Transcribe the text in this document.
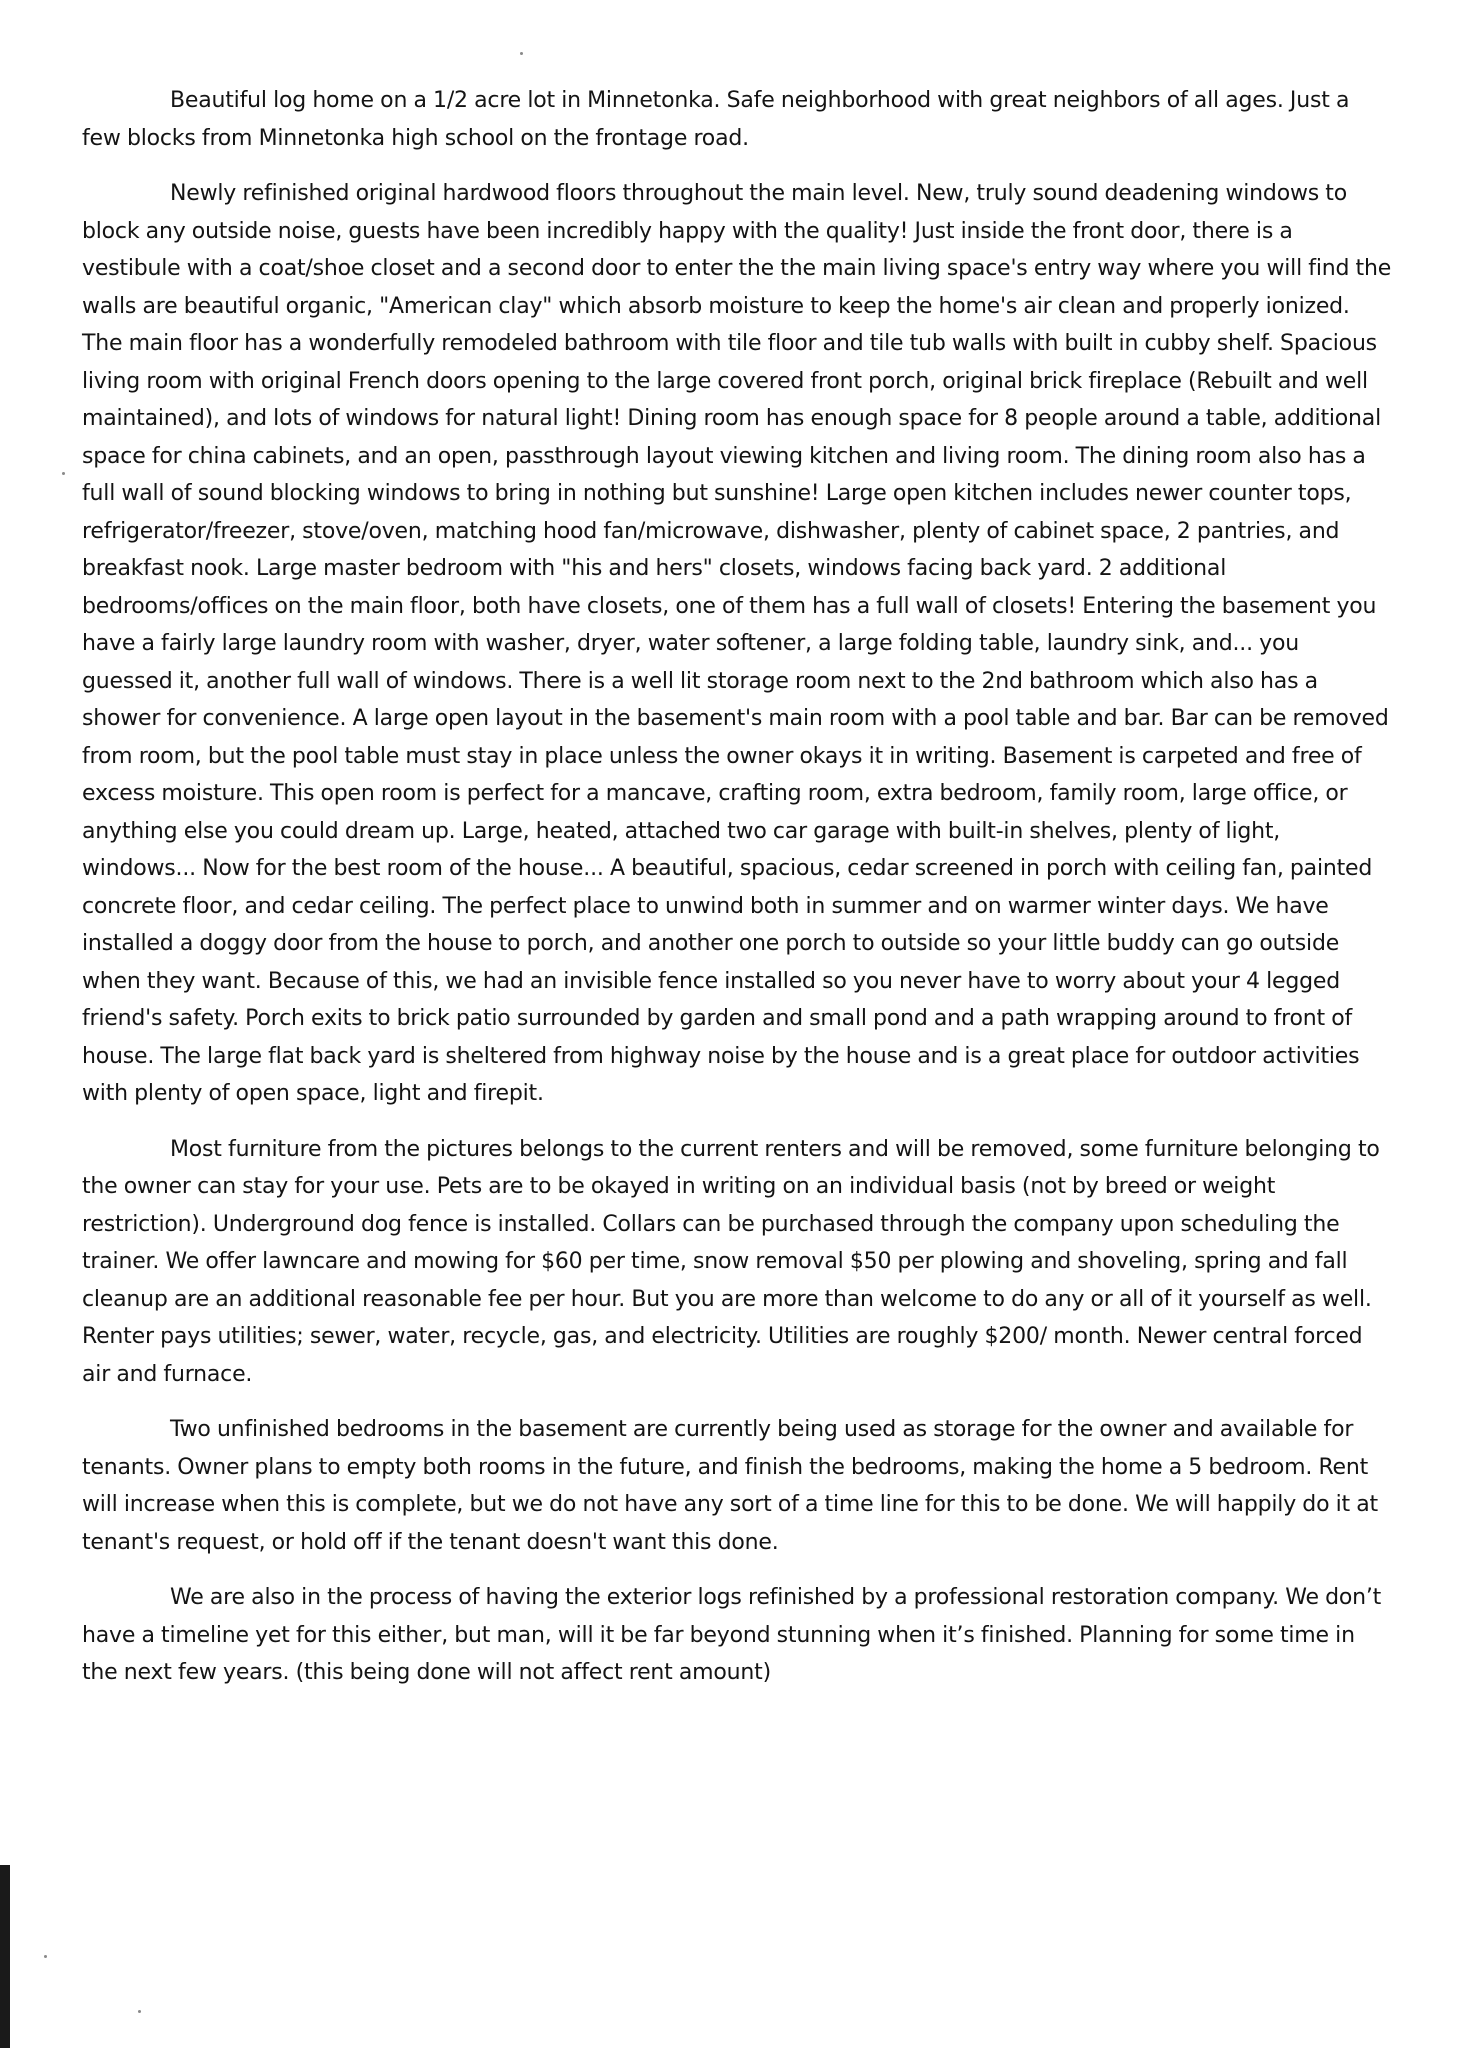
Beautiful log home on a 1/2 acre lot in Minnetonka. Safe neighborhood with great neighbors of all ages. Just a few blocks from Minnetonka high school on the frontage road.

Newly refinished original hardwood floors throughout the main level. New, truly sound deadening windows to block any outside noise, guests have been incredibly happy with the quality! Just inside the front door, there is a vestibule with a coat/shoe closet and a second door to enter the the main living space's entry way where you will find the walls are beautiful organic, "American clay" which absorb moisture to keep the home's air clean and properly ionized. The main floor has a wonderfully remodeled bathroom with tile floor and tile tub walls with built in cubby shelf. Spacious living room with original French doors opening to the large covered front porch, original brick fireplace (Rebuilt and well maintained), and lots of windows for natural light! Dining room has enough space for 8 people around a table, additional space for china cabinets, and an open, passthrough layout viewing kitchen and living room. The dining room also has a full wall of sound blocking windows to bring in nothing but sunshine! Large open kitchen includes newer counter tops, refrigerator/freezer, stove/oven, matching hood fan/microwave, dishwasher, plenty of cabinet space, 2 pantries, and breakfast nook. Large master bedroom with "his and hers" closets, windows facing back yard. 2 additional bedrooms/offices on the main floor, both have closets, one of them has a full wall of closets! Entering the basement you have a fairly large laundry room with washer, dryer, water softener, a large folding table, laundry sink, and... you guessed it, another full wall of windows. There is a well lit storage room next to the 2nd bathroom which also has a shower for convenience. A large open layout in the basement's main room with a pool table and bar. Bar can be removed from room, but the pool table must stay in place unless the owner okays it in writing. Basement is carpeted and free of excess moisture. This open room is perfect for a mancave, crafting room, extra bedroom, family room, large office, or anything else you could dream up. Large, heated, attached two car garage with built-in shelves, plenty of light, windows... Now for the best room of the house... A beautiful, spacious, cedar screened in porch with ceiling fan, painted concrete floor, and cedar ceiling. The perfect place to unwind both in summer and on warmer winter days. We have installed a doggy door from the house to porch, and another one porch to outside so your little buddy can go outside when they want. Because of this, we had an invisible fence installed so you never have to worry about your 4 legged friend's safety. Porch exits to brick patio surrounded by garden and small pond and a path wrapping around to front of house. The large flat back yard is sheltered from highway noise by the house and is a great place for outdoor activities with plenty of open space, light and firepit.

Most furniture from the pictures belongs to the current renters and will be removed, some furniture belonging to the owner can stay for your use. Pets are to be okayed in writing on an individual basis (not by breed or weight restriction). Underground dog fence is installed. Collars can be purchased through the company upon scheduling the trainer. We offer lawncare and mowing for $60 per time, snow removal $50 per plowing and shoveling, spring and fall cleanup are an additional reasonable fee per hour. But you are more than welcome to do any or all of it yourself as well. Renter pays utilities; sewer, water, recycle, gas, and electricity. Utilities are roughly $200/ month. Newer central forced air and furnace.

Two unfinished bedrooms in the basement are currently being used as storage for the owner and available for tenants. Owner plans to empty both rooms in the future, and finish the bedrooms, making the home a 5 bedroom. Rent will increase when this is complete, but we do not have any sort of a time line for this to be done. We will happily do it at tenant's request, or hold off if the tenant doesn't want this done.

We are also in the process of having the exterior logs refinished by a professional restoration company. We don’t have a timeline yet for this either, but man, will it be far beyond stunning when it’s finished. Planning for some time in the next few years. (this being done will not affect rent amount)
